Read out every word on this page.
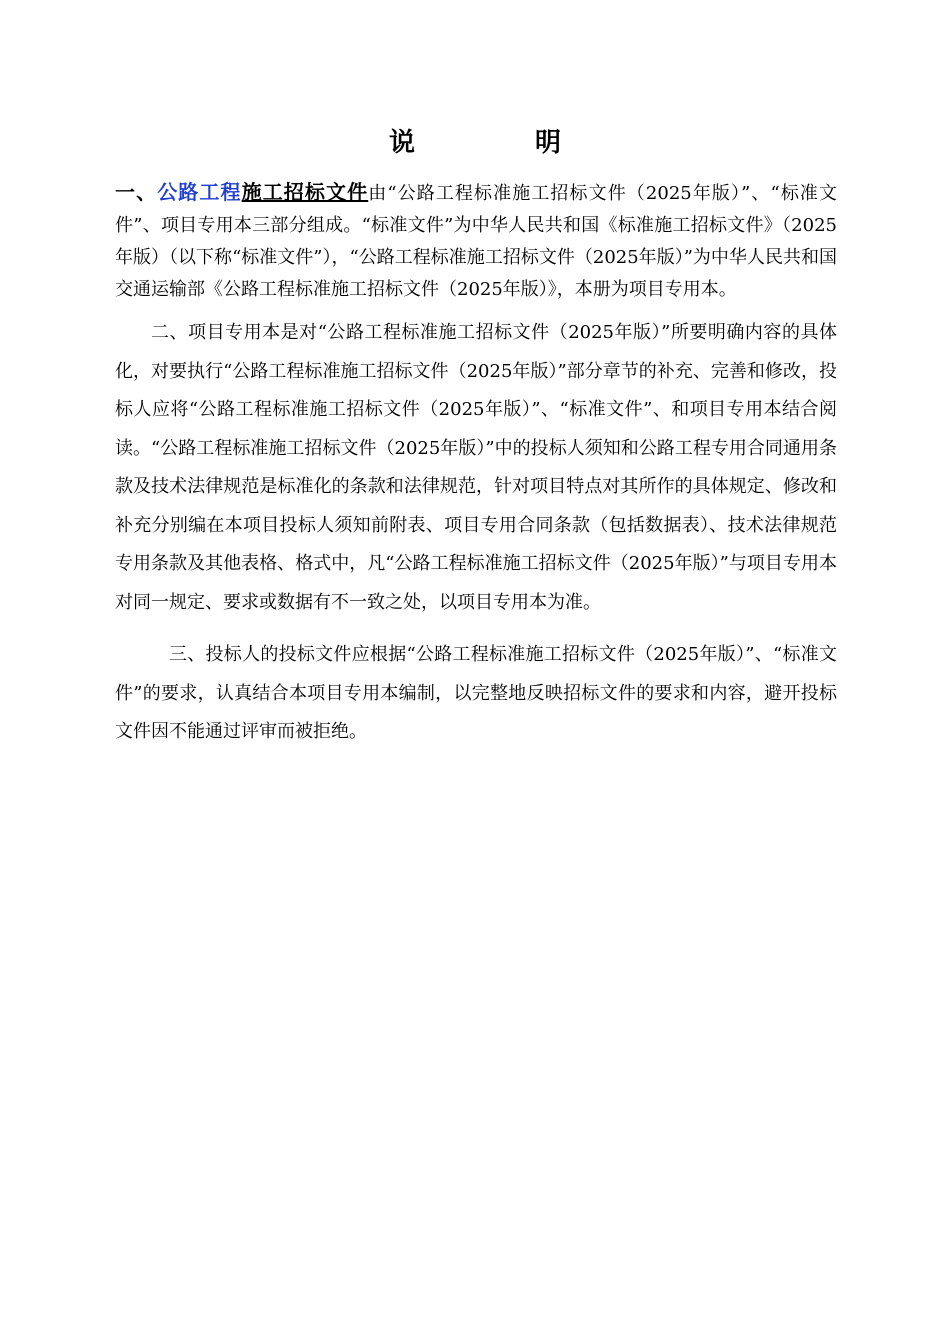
说	明

一、公路工程施工招标文件由“公路工程标准施工招标文件（2025年版）”、“标准文件”、项目专用本三部分组成。“标准文件”为中华人民共和国《标准施工招标文件》（2025年版）（以下称“标准文件”），“公路工程标准施工招标文件（2025年版）”为中华人民共和国交通运输部《公路工程标准施工招标文件（2025年版）》，本册为项目专用本。

二、项目专用本是对“公路工程标准施工招标文件（2025年版）”所要明确内容的具体化，对要执行“公路工程标准施工招标文件（2025年版）”部分章节的补充、完善和修改，投标人应将“公路工程标准施工招标文件（2025年版）”、“标准文件”、和项目专用本结合阅读。“公路工程标准施工招标文件（2025年版）”中的投标人须知和公路工程专用合同通用条款及技术法律规范是标准化的条款和法律规范，针对项目特点对其所作的具体规定、修改和补充分别编在本项目投标人须知前附表、项目专用合同条款（包括数据表）、技术法律规范专用条款及其他表格、格式中，凡“公路工程标准施工招标文件（2025年版）”与项目专用本对同一规定、要求或数据有不一致之处，以项目专用本为准。

三、投标人的投标文件应根据“公路工程标准施工招标文件（2025年版）”、“标准文件”的要求，认真结合本项目专用本编制，以完整地反映招标文件的要求和内容，避开投标文件因不能通过评审而被拒绝。
